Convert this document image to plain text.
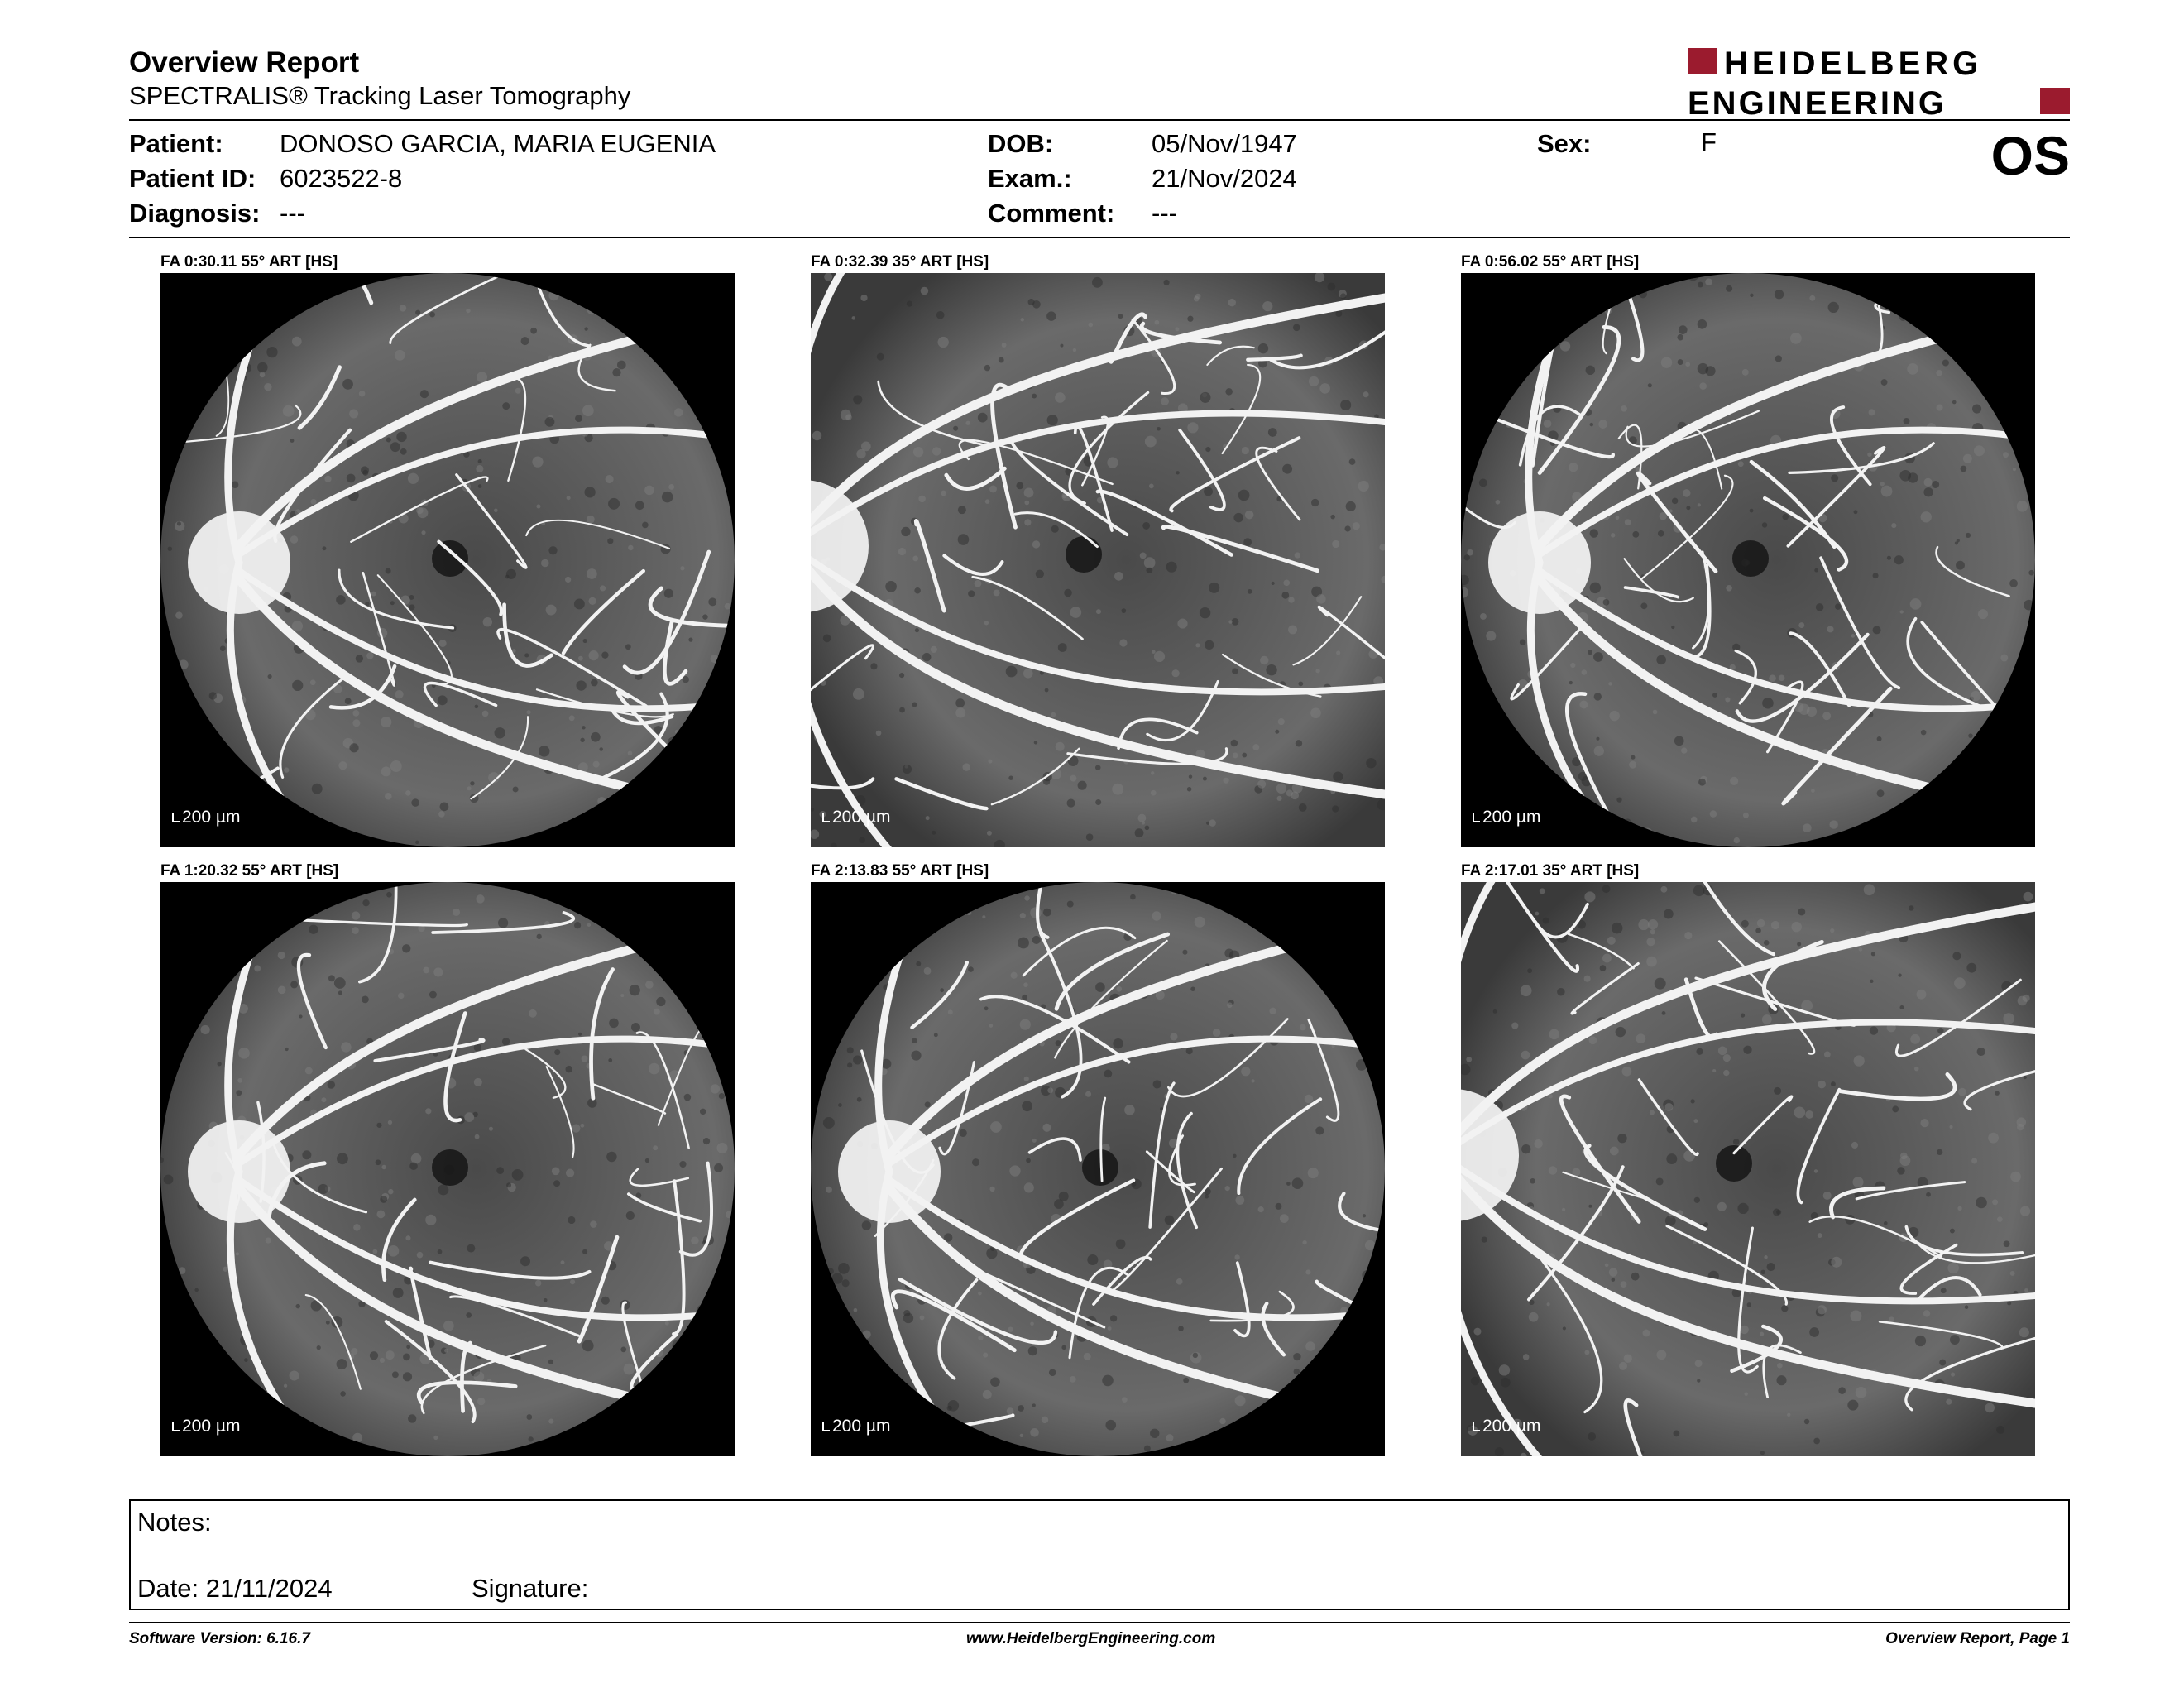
Overview Report
SPECTRALIS® Tracking Laser Tomography
HEIDELBERG
ENGINEERING
Patient: DONOSO GARCIA, MARIA EUGENIA
Patient ID: 6023522-8
Diagnosis: ---
DOB:	05/Nov/1947
Exam.:	21/Nov/2024
Comment: ---
Sex:	F	OS
FA 0:30.11 55° ART [HS]
200 µm
FA 0:32.39 35° ART [HS]
200 µm
FA 0:56.02 55° ART [HS]
200 µm
FA 1:20.32 55° ART [HS]
200 µm
FA 2:13.83 55° ART [HS]
200 µm
FA 2:17.01 35° ART [HS]
200 µm
Notes:
Date: 21/11/2024	Signature:
Software Version: 6.16.7	www.HeidelbergEngineering.com	Overview Report, Page 1
